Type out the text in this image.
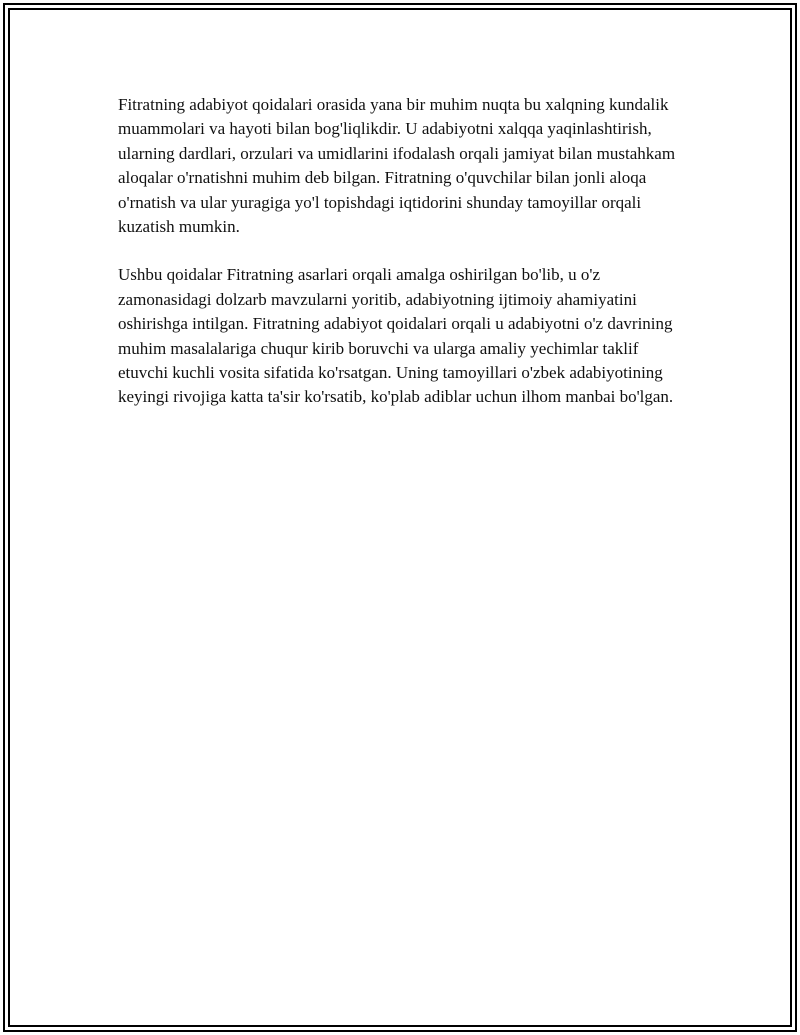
Fitratning adabiyot qoidalari orasida yana bir muhim nuqta bu xalqning kundalik muammolari va hayoti bilan bog'liqlikdir. U adabiyotni xalqqa yaqinlashtirish, ularning dardlari, orzulari va umidlarini ifodalash orqali jamiyat bilan mustahkam aloqalar o'rnatishni muhim deb bilgan. Fitratning o'quvchilar bilan jonli aloqa o'rnatish va ular yuragiga yo'l topishdagi iqtidorini shunday tamoyillar orqali kuzatish mumkin.

Ushbu qoidalar Fitratning asarlari orqali amalga oshirilgan bo'lib, u o'z zamonasidagi dolzarb mavzularni yoritib, adabiyotning ijtimoiy ahamiyatini oshirishga intilgan. Fitratning adabiyot qoidalari orqali u adabiyotni o'z davrining muhim masalalariga chuqur kirib boruvchi va ularga amaliy yechimlar taklif etuvchi kuchli vosita sifatida ko'rsatgan. Uning tamoyillari o'zbek adabiyotining keyingi rivojiga katta ta'sir ko'rsatib, ko'plab adiblar uchun ilhom manbai bo'lgan.
